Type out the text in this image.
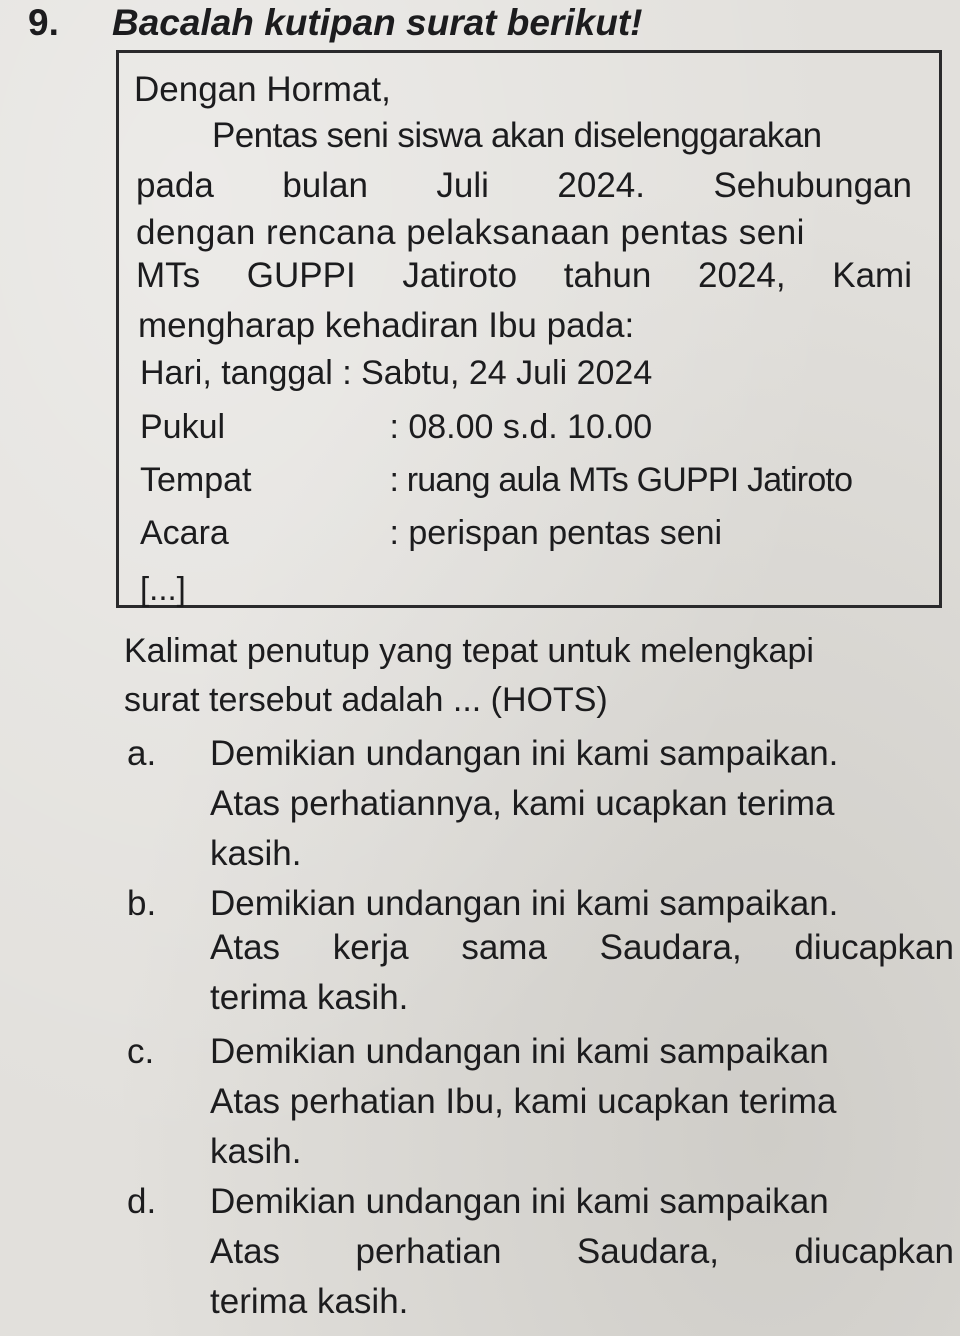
9. Bacalah kutipan surat berikut!
Dengan Hormat,
Pentas seni siswa akan diselenggarakan
pada bulan Juli 2024. Sehubungan
dengan rencana pelaksanaan pentas seni
MTs GUPPI Jatiroto tahun 2024, Kami
mengharap kehadiran Ibu pada:
Hari, tanggal : Sabtu, 24 Juli 2024
Pukul	: 08.00 s.d. 10.00
Tempat	: ruang aula MTs GUPPI Jatiroto
Acara	: perispan pentas seni
[...]
Kalimat penutup yang tepat untuk melengkapi
surat tersebut adalah ... (HOTS)
a. Demikian undangan ini kami sampaikan.
Atas perhatiannya, kami ucapkan terima
kasih.
b. Demikian undangan ini kami sampaikan.
Atas kerja sama Saudara, diucapkan
terima kasih.
c. Demikian undangan ini kami sampaikan
Atas perhatian Ibu, kami ucapkan terima
kasih.
d. Demikian undangan ini kami sampaikan
Atas perhatian Saudara, diucapkan
terima kasih.
